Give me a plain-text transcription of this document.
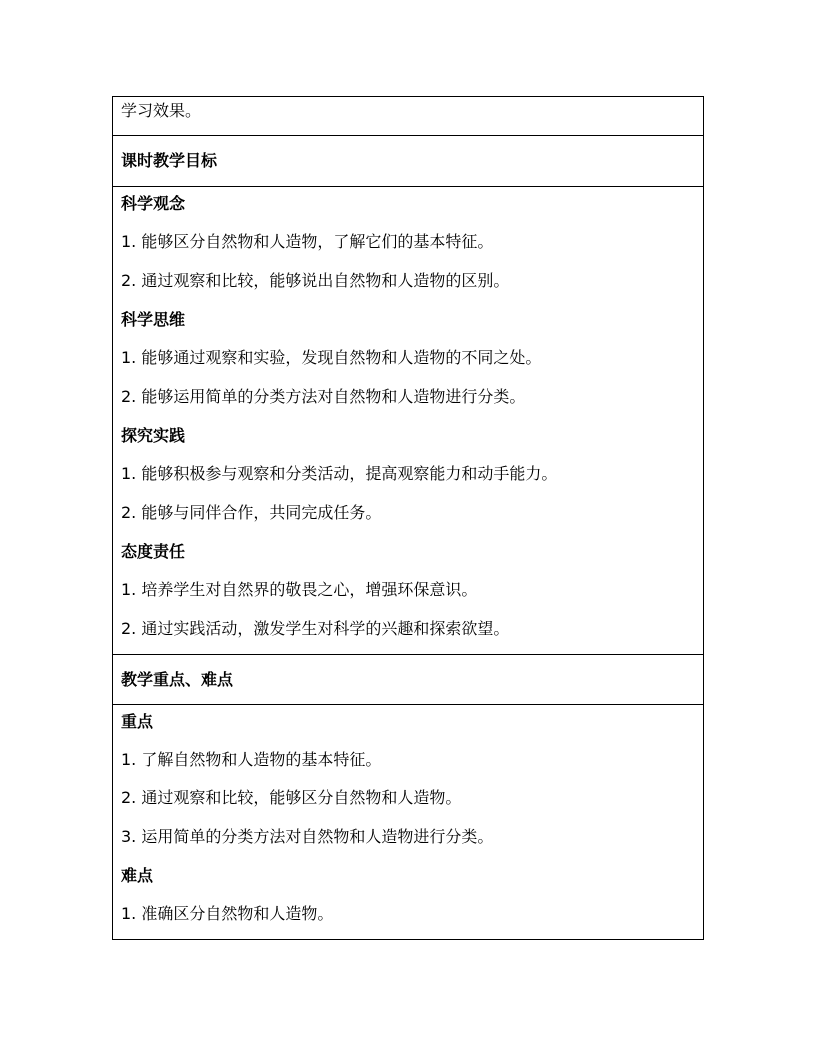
学习效果。
课时教学目标
科学观念
1. 能够区分自然物和人造物，了解它们的基本特征。
2. 通过观察和比较，能够说出自然物和人造物的区别。
科学思维
1. 能够通过观察和实验，发现自然物和人造物的不同之处。
2. 能够运用简单的分类方法对自然物和人造物进行分类。
探究实践
1. 能够积极参与观察和分类活动，提高观察能力和动手能力。
2. 能够与同伴合作，共同完成任务。
态度责任
1. 培养学生对自然界的敬畏之心，增强环保意识。
2. 通过实践活动，激发学生对科学的兴趣和探索欲望。
教学重点、难点
重点
1. 了解自然物和人造物的基本特征。
2. 通过观察和比较，能够区分自然物和人造物。
3. 运用简单的分类方法对自然物和人造物进行分类。
难点
1. 准确区分自然物和人造物。
